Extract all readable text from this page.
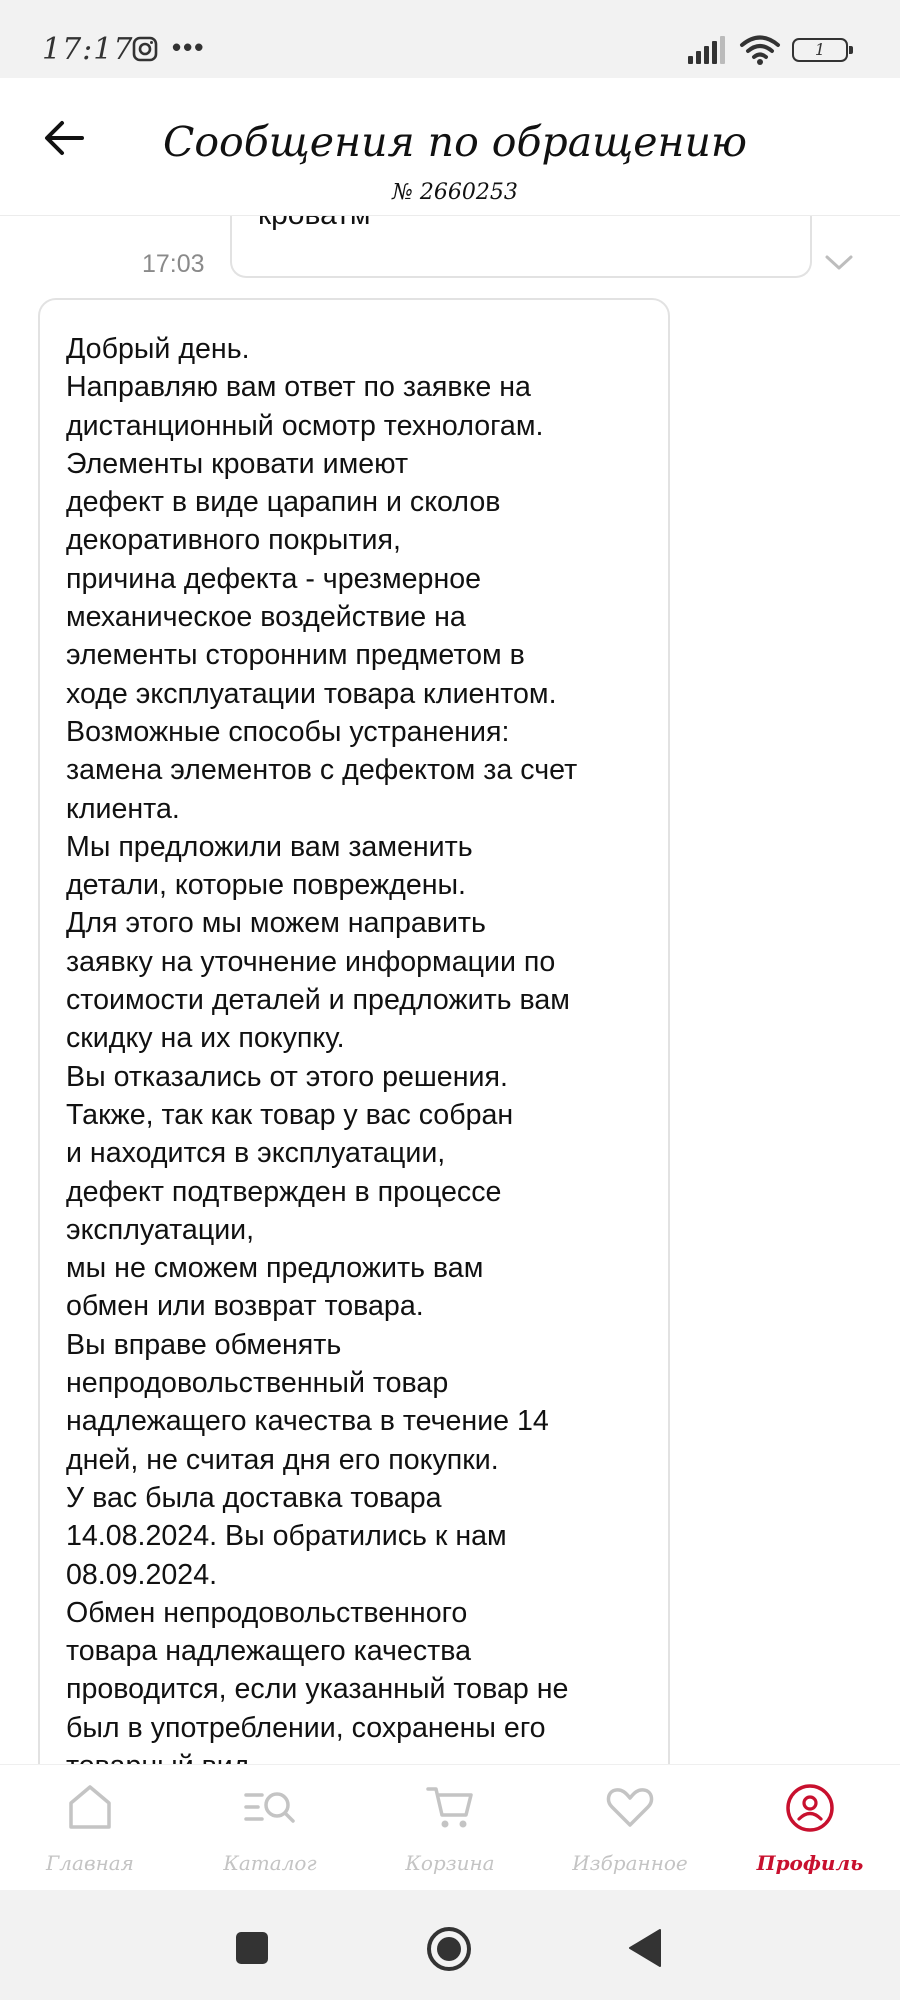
17:17 •••	1
Сообщения по обращению
№ 2660253
17:03
Добрый день.
Направляю вам ответ по заявке на
дистанционный осмотр технологам.
Элементы кровати имеют
дефект в виде царапин и сколов
декоративного покрытия,
причина дефекта - чрезмерное
механическое воздействие на
элементы сторонним предметом в
ходе эксплуатации товара клиентом.
Возможные способы устранения:
замена элементов с дефектом за счет
клиента.
Мы предложили вам заменить
детали, которые повреждены.
Для этого мы можем направить
заявку на уточнение информации по
стоимости деталей и предложить вам
скидку на их покупку.
Вы отказались от этого решения.
Также, так как товар у вас собран
и находится в эксплуатации,
дефект подтвержден в процессе
эксплуатации,
мы не сможем предложить вам
обмен или возврат товара.
Вы вправе обменять
непродовольственный товар
надлежащего качества в течение 14
дней, не считая дня его покупки.
У вас была доставка товара
14.08.2024. Вы обратились к нам
08.09.2024.
Обмен непродовольственного
товара надлежащего качества
проводится, если указанный товар не
был в употреблении, сохранены его
Главная	Каталог	Корзина	Избранное	Профиль
